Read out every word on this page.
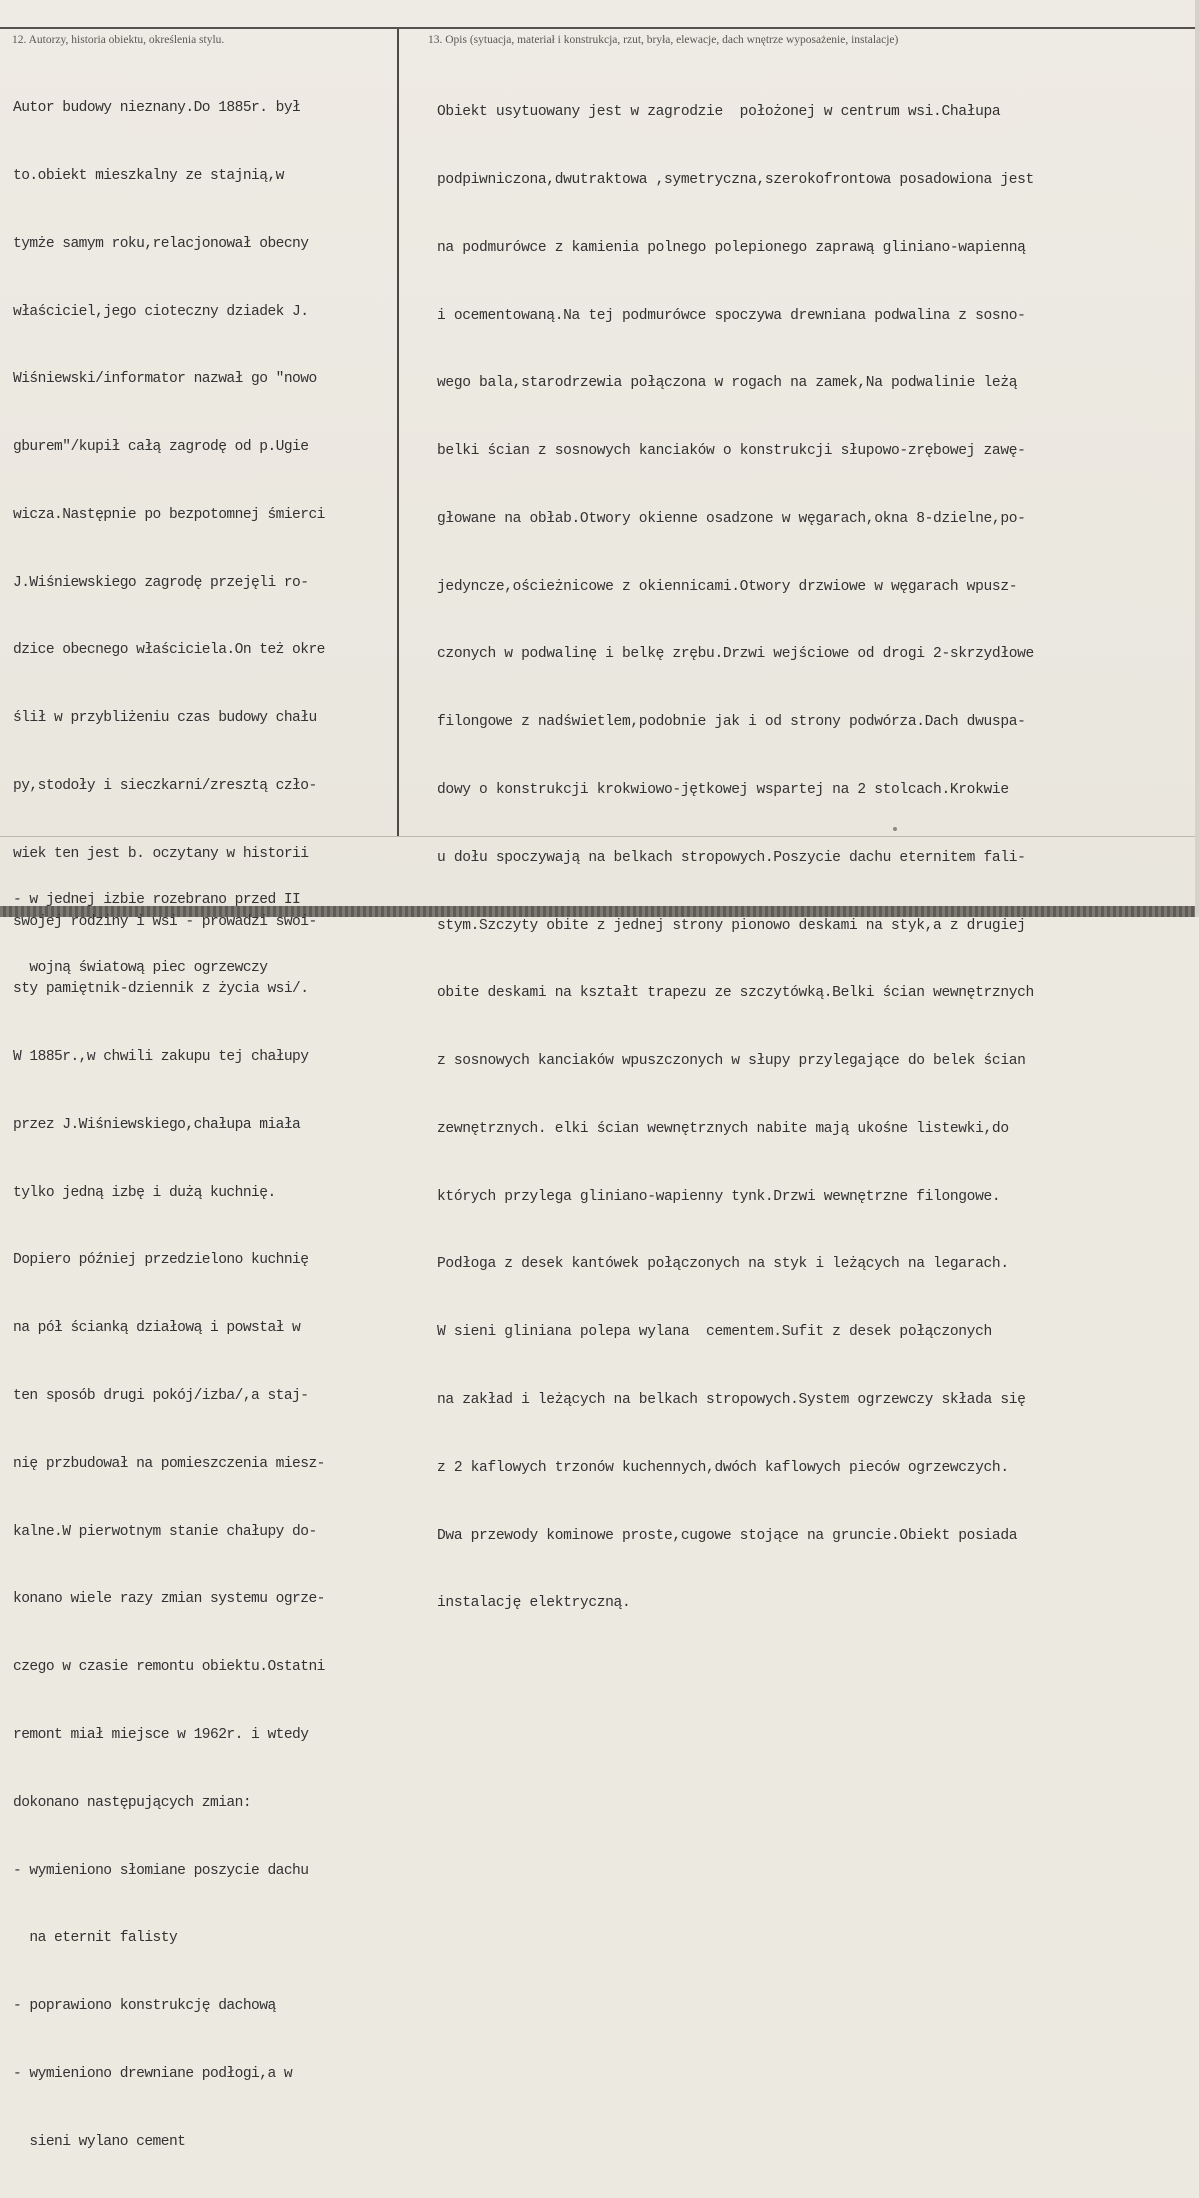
12. Autorzy, historia obiektu, określenia stylu.	13. Opis (sytuacja, materiał i konstrukcja, rzut, bryła, elewacje, dach wnętrze wyposażenie, instalacje)

Autor budowy nieznany.Do 1885r. był

to.obiekt mieszkalny ze stajnią,w

tymże samym roku,relacjonował obecny

właściciel,jego cioteczny dziadek J.

Wiśniewski/informator nazwał go "nowo

gburem"/kupił całą zagrodę od p.Ugie

wicza.Następnie po bezpotomnej śmierci

J.Wiśniewskiego zagrodę przejęli ro-

dzice obecnego właściciela.On też okre

ślił w przybliżeniu czas budowy chału

py,stodoły i sieczkarni/zresztą czło-

wiek ten jest b. oczytany w historii

swojej rodziny i wsi - prowadzi swoi-

sty pamiętnik-dziennik z życia wsi/.

W 1885r.,w chwili zakupu tej chałupy

przez J.Wiśniewskiego,chałupa miała

tylko jedną izbę i dużą kuchnię.

Dopiero później przedzielono kuchnię

na pół ścianką działową i powstał w

ten sposób drugi pokój/izba/,a staj-

nię przbudował na pomieszczenia miesz-

kalne.W pierwotnym stanie chałupy do-

konano wiele razy zmian systemu ogrze-

czego w czasie remontu obiektu.Ostatni

remont miał miejsce w 1962r. i wtedy

dokonano następujących zmian:

- wymieniono słomiane poszycie dachu

na eternit falisty

- poprawiono konstrukcję dachową

- wymieniono drewniane podłogi,a w

sieni wylano cement

- w jednej izbie rozebrano przed II

wojną światową piec ogrzewczy

Obiekt usytuowany jest w zagrodzie  położonej w centrum wsi.Chałupa

podpiwniczona,dwutraktowa ,symetryczna,szerokofrontowa posadowiona jest

na podmurówce z kamienia polnego polepionego zaprawą gliniano-wapienną

i ocementowaną.Na tej podmurówce spoczywa drewniana podwalina z sosno-

wego bala,starodrzewia połączona w rogach na zamek,Na podwalinie leżą

belki ścian z sosnowych kanciaków o konstrukcji słupowo-zrębowej zawę-

głowane na obłab.Otwory okienne osadzone w węgarach,okna 8-dzielne,po-

jedyncze,ościeżnicowe z okiennicami.Otwory drzwiowe w węgarach wpusz-

czonych w podwalinę i belkę zrębu.Drzwi wejściowe od drogi 2-skrzydłowe

filongowe z nadświetlem,podobnie jak i od strony podwórza.Dach dwuspa-

dowy o konstrukcji krokwiowo-jętkowej wspartej na 2 stolcach.Krokwie

u dołu spoczywają na belkach stropowych.Poszycie dachu eternitem fali-

stym.Szczyty obite z jednej strony pionowo deskami na styk,a z drugiej

obite deskami na kształt trapezu ze szczytówką.Belki ścian wewnętrznych

z sosnowych kanciaków wpuszczonych w słupy przylegające do belek ścian

zewnętrznych. elki ścian wewnętrznych nabite mają ukośne listewki,do

których przylega gliniano-wapienny tynk.Drzwi wewnętrzne filongowe.

Podłoga z desek kantówek połączonych na styk i leżących na legarach.

W sieni gliniana polepa wylana  cementem.Sufit z desek połączonych

na zakład i leżących na belkach stropowych.System ogrzewczy składa się

z 2 kaflowych trzonów kuchennych,dwóch kaflowych pieców ogrzewczych.

Dwa przewody kominowe proste,cugowe stojące na gruncie.Obiekt posiada

instalację elektryczną.
